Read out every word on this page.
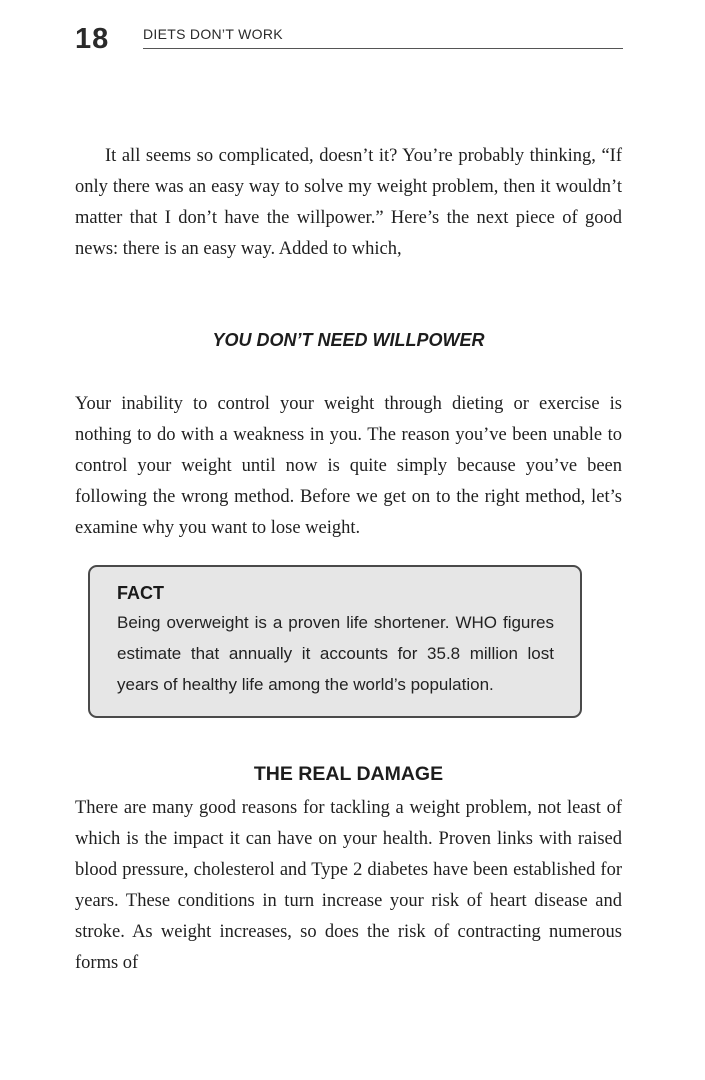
18 DIETS DON’T WORK

It all seems so complicated, doesn’t it? You’re probably thinking, “If only there was an easy way to solve my weight problem, then it wouldn’t matter that I don’t have the willpower.” Here’s the next piece of good news: there is an easy way. Added to which,

YOU DON’T NEED WILLPOWER

Your inability to control your weight through dieting or exercise is nothing to do with a weakness in you. The reason you’ve been unable to control your weight until now is quite simply because you’ve been following the wrong method. Before we get on to the right method, let’s examine why you want to lose weight.

FACT

Being overweight is a proven life shortener. WHO figures estimate that annually it accounts for 35.8 million lost years of healthy life among the world’s population.

THE REAL DAMAGE

There are many good reasons for tackling a weight problem, not least of which is the impact it can have on your health. Proven links with raised blood pressure, cholesterol and Type 2 diabetes have been established for years. These conditions in turn increase your risk of heart disease and stroke. As weight increases, so does the risk of contracting numerous forms of
